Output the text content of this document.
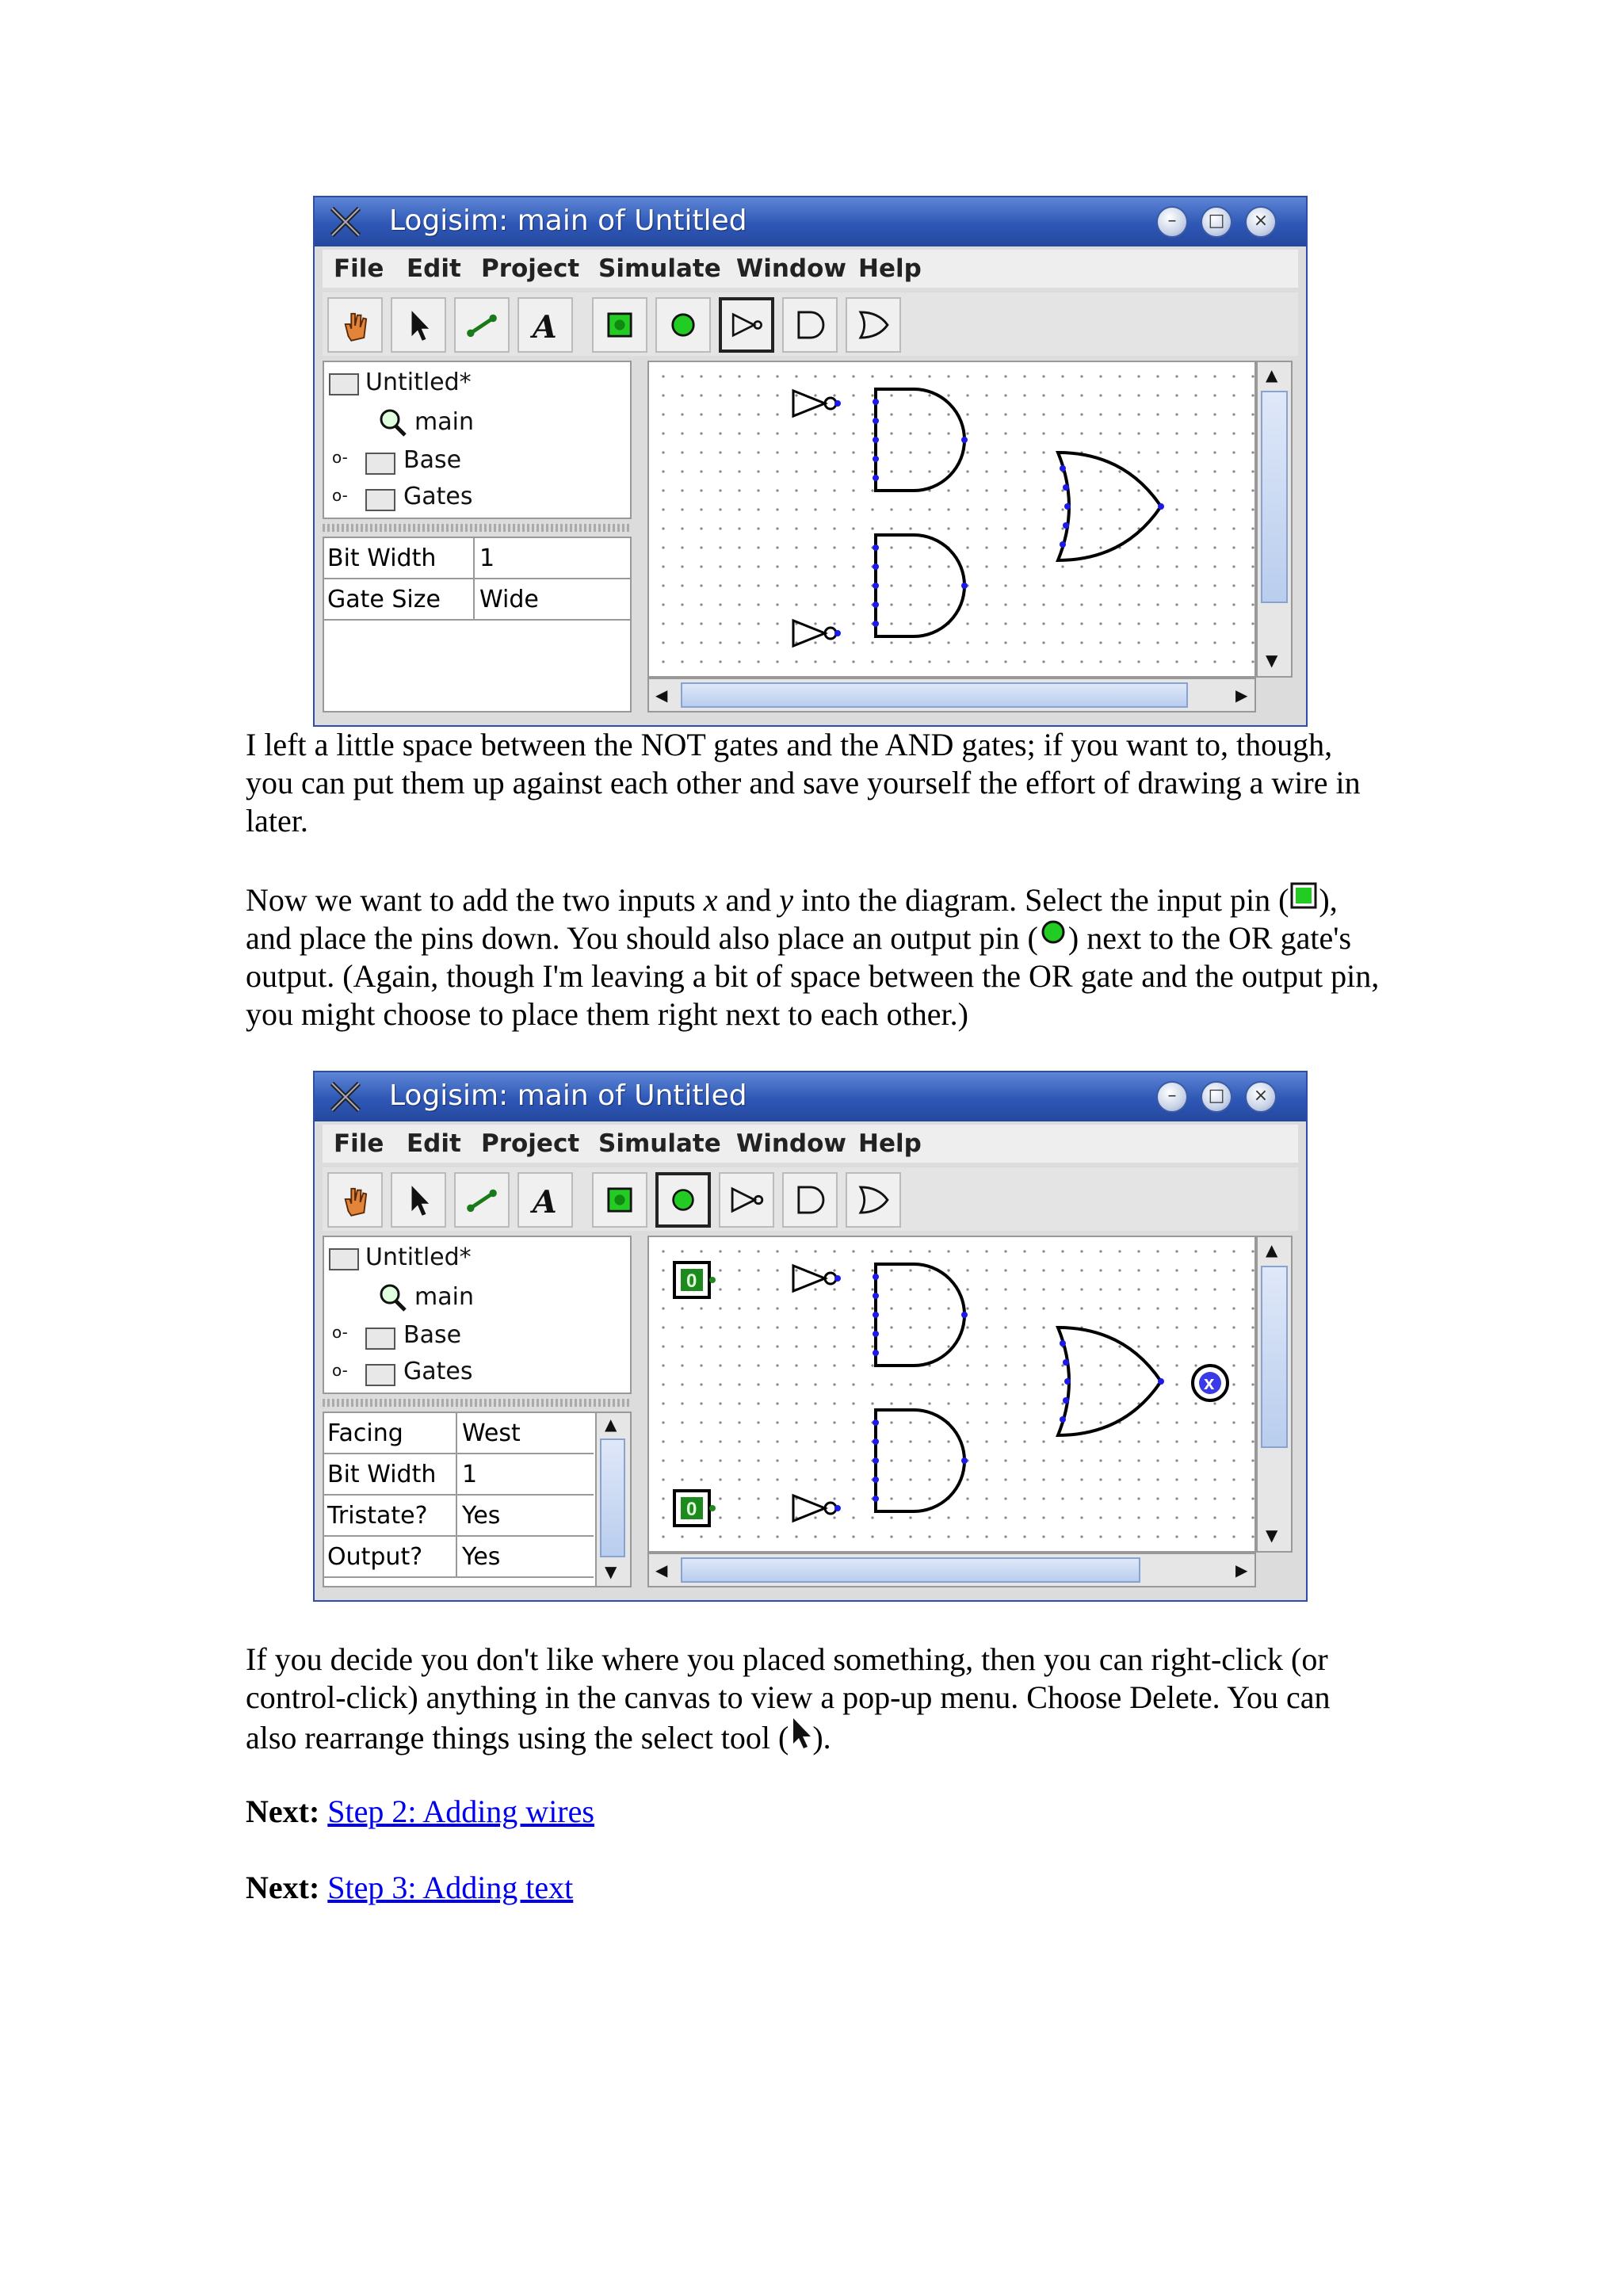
Logisim: main of Untitled	–	□	×
File Edit Project Simulate Window Help
A
Untitled*
main
o- Base
o- Gates
Bit Width 1
Gate Size Wide
▲
▼
◀	▶
I left a little space between the NOT gates and the AND gates; if you want to, though, you can put them up against each other and save yourself the effort of drawing a wire in later.
Now we want to add the two inputs x and y into the diagram. Select the input pin ( ), and place the pins down. You should also place an output pin ( ) next to the OR gate's output. (Again, though I'm leaving a bit of space between the OR gate and the output pin, you might choose to place them right next to each other.)
Logisim: main of Untitled	–	□	×
File Edit Project Simulate Window Help
A
Untitled*
main
o- Base
o- Gates
Facing West
Bit Width 1
Tristate? Yes
Output? Yes
▲
▼
0
0
x
▲
▼
◀	▶
If you decide you don't like where you placed something, then you can right-click (or control-click) anything in the canvas to view a pop-up menu. Choose Delete. You can also rearrange things using the select tool ( ).
Next: Step 2: Adding wires
Next: Step 3: Adding text
